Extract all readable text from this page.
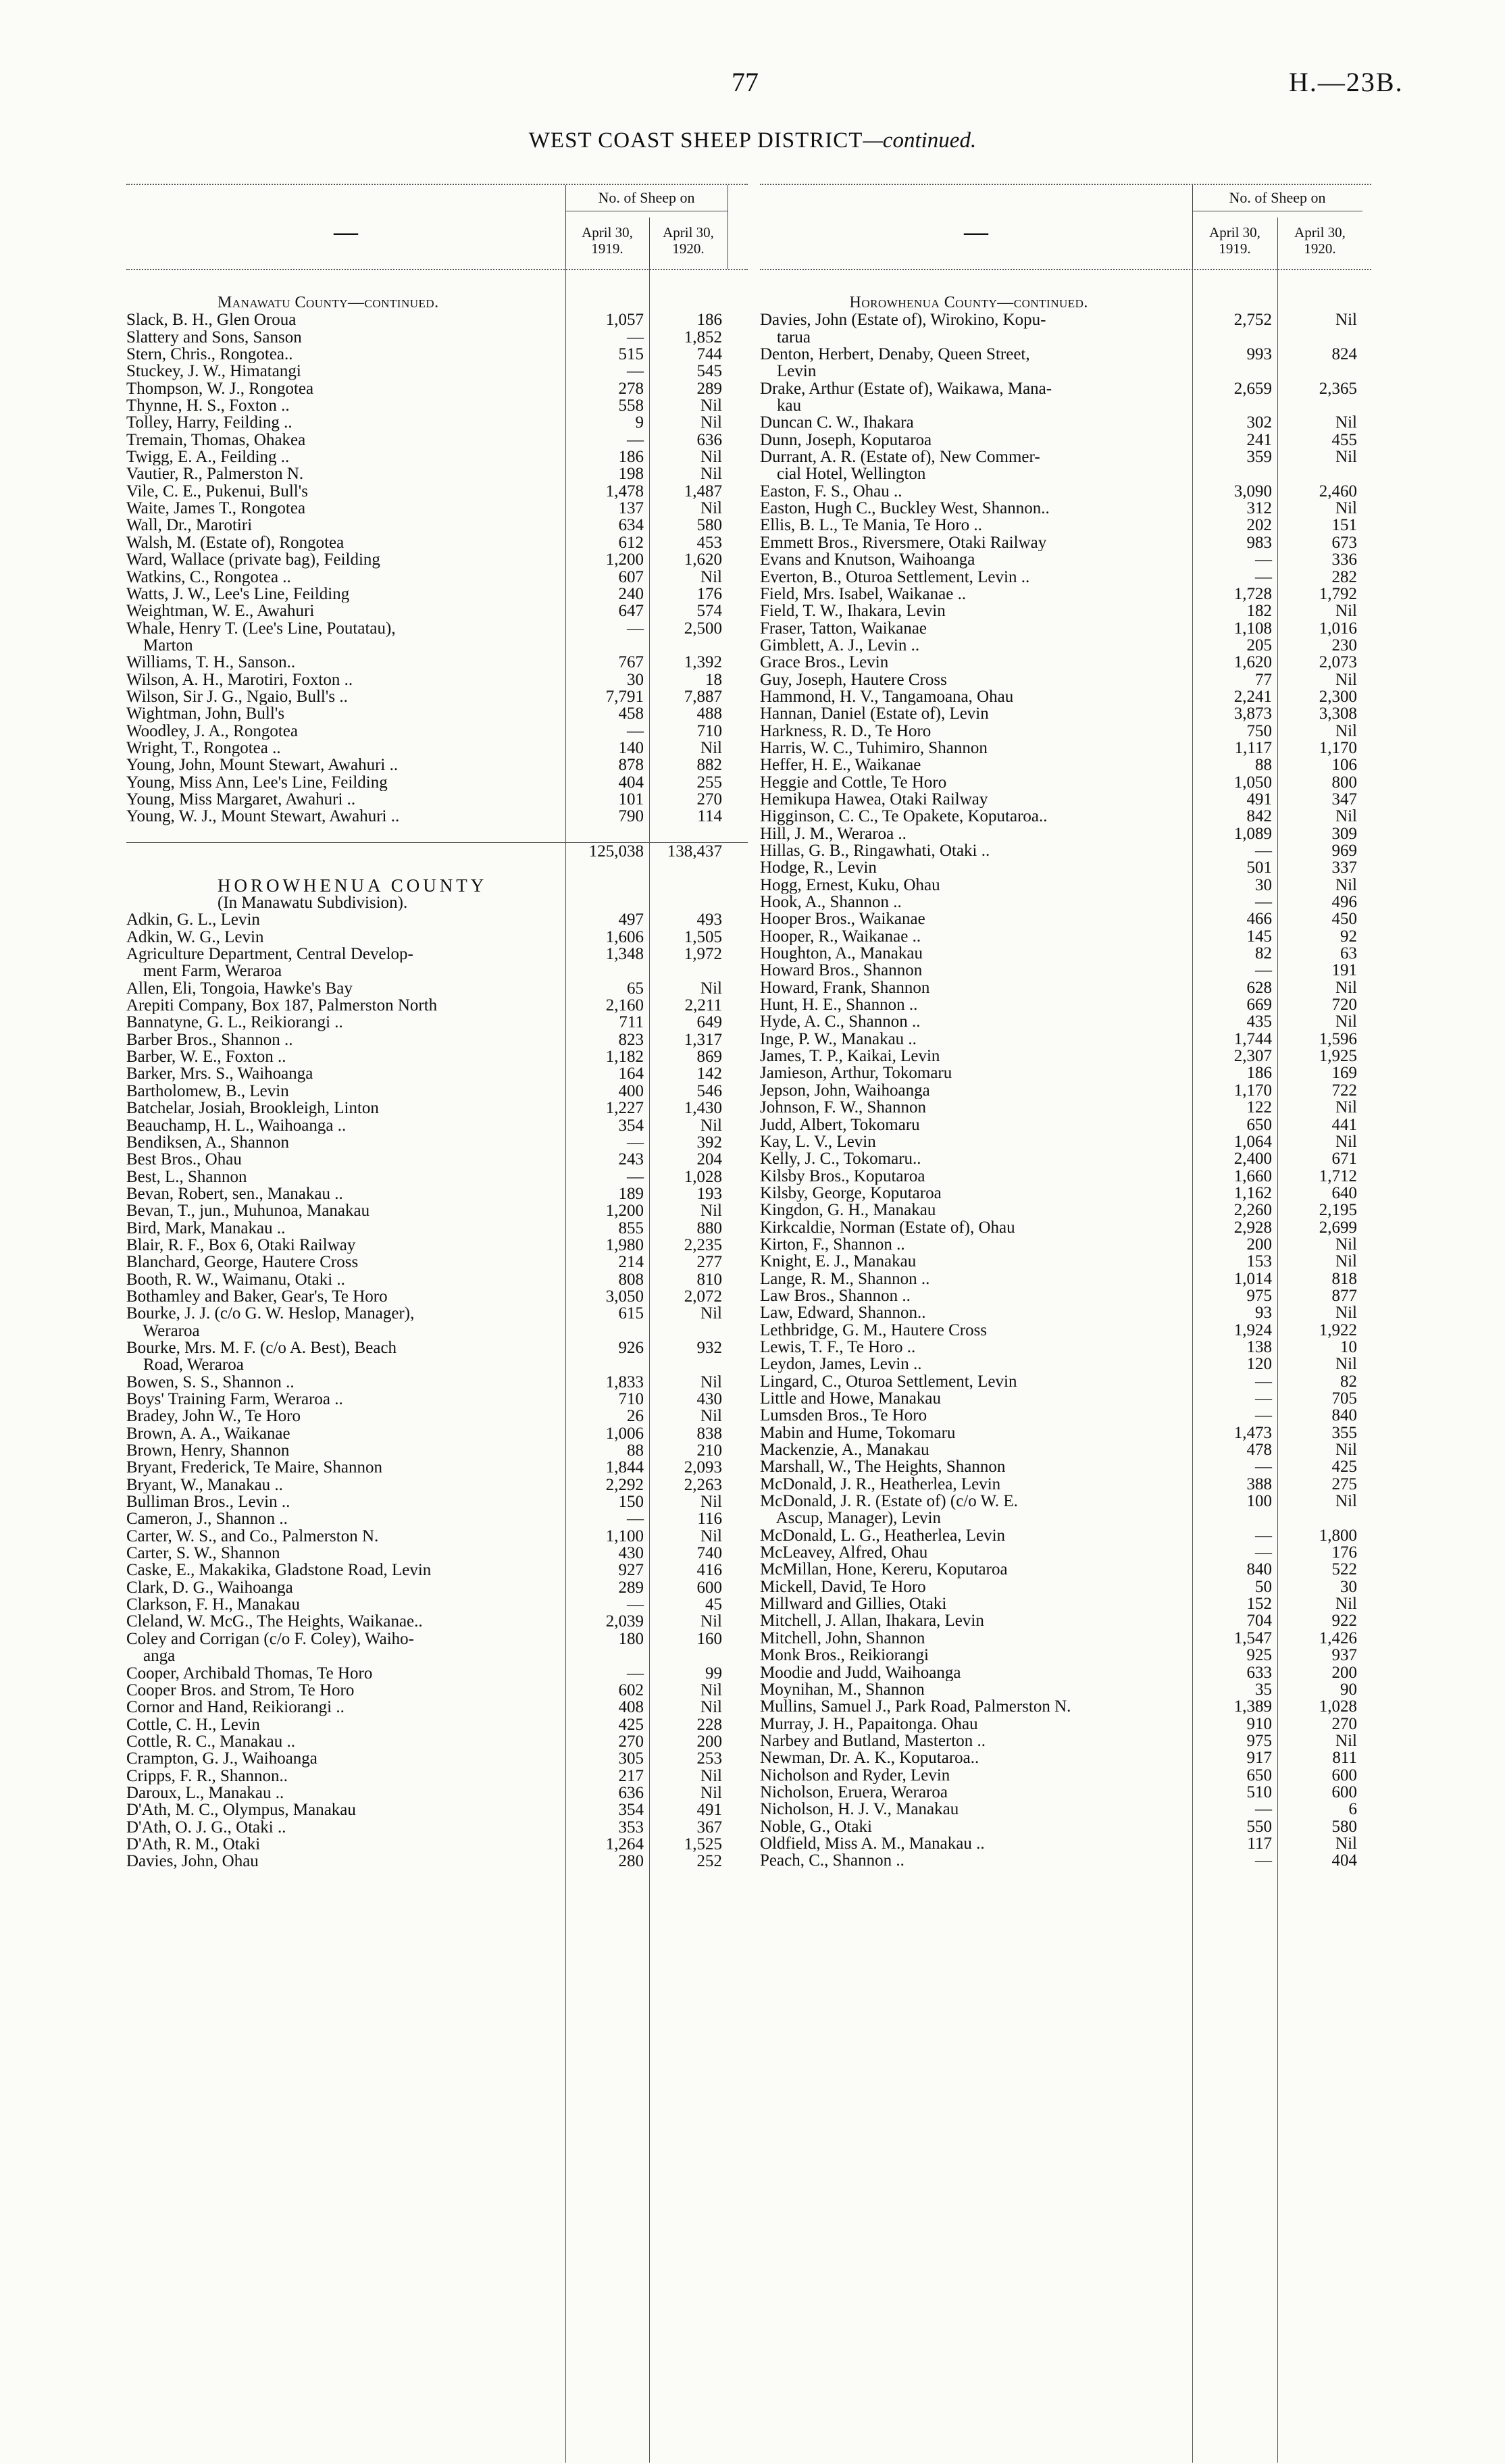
77	H.—23B.
WEST COAST SHEEP DISTRICT—continued.
—
No. of Sheep on
April 30,
1919.
April 30,
1920.
Manawatu County—continued.
Slack, B. H., Glen Oroua	1,057	186
Slattery and Sons, Sanson	—	1,852
Stern, Chris., Rongotea..	515	744
Stuckey, J. W., Himatangi	—	545
Thompson, W. J., Rongotea	278	289
Thynne, H. S., Foxton ..	558	Nil
Tolley, Harry, Feilding ..	9	Nil
Tremain, Thomas, Ohakea	—	636
Twigg, E. A., Feilding ..	186	Nil
Vautier, R., Palmerston N.	198	Nil
Vile, C. E., Pukenui, Bull's	1,478	1,487
Waite, James T., Rongotea	137	Nil
Wall, Dr., Marotiri	634	580
Walsh, M. (Estate of), Rongotea	612	453
Ward, Wallace (private bag), Feilding	1,200	1,620
Watkins, C., Rongotea ..	607	Nil
Watts, J. W., Lee's Line, Feilding	240	176
Weightman, W. E., Awahuri	647	574
Whale, Henry T. (Lee's Line, Poutatau),	—	2,500
Marton
Williams, T. H., Sanson..	767	1,392
Wilson, A. H., Marotiri, Foxton ..	30	18
Wilson, Sir J. G., Ngaio, Bull's ..	7,791	7,887
Wightman, John, Bull's	458	488
Woodley, J. A., Rongotea	—	710
Wright, T., Rongotea ..	140	Nil
Young, John, Mount Stewart, Awahuri ..	878	882
Young, Miss Ann, Lee's Line, Feilding	404	255
Young, Miss Margaret, Awahuri ..	101	270
Young, W. J., Mount Stewart, Awahuri ..	790	114
125,038	138,437
HOROWHENUA COUNTY
(In Manawatu Subdivision).
Adkin, G. L., Levin	497	493
Adkin, W. G., Levin	1,606	1,505
Agriculture Department, Central Develop-	1,348	1,972
ment Farm, Weraroa
Allen, Eli, Tongoia, Hawke's Bay	65	Nil
Arepiti Company, Box 187, Palmerston North	2,160	2,211
Bannatyne, G. L., Reikiorangi ..	711	649
Barber Bros., Shannon ..	823	1,317
Barber, W. E., Foxton ..	1,182	869
Barker, Mrs. S., Waihoanga	164	142
Bartholomew, B., Levin	400	546
Batchelar, Josiah, Brookleigh, Linton	1,227	1,430
Beauchamp, H. L., Waihoanga ..	354	Nil
Bendiksen, A., Shannon	—	392
Best Bros., Ohau	243	204
Best, L., Shannon	—	1,028
Bevan, Robert, sen., Manakau ..	189	193
Bevan, T., jun., Muhunoa, Manakau	1,200	Nil
Bird, Mark, Manakau ..	855	880
Blair, R. F., Box 6, Otaki Railway	1,980	2,235
Blanchard, George, Hautere Cross	214	277
Booth, R. W., Waimanu, Otaki ..	808	810
Bothamley and Baker, Gear's, Te Horo	3,050	2,072
Bourke, J. J. (c/o G. W. Heslop, Manager),	615	Nil
Weraroa
Bourke, Mrs. M. F. (c/o A. Best), Beach	926	932
Road, Weraroa
Bowen, S. S., Shannon ..	1,833	Nil
Boys' Training Farm, Weraroa ..	710	430
Bradey, John W., Te Horo	26	Nil
Brown, A. A., Waikanae	1,006	838
Brown, Henry, Shannon	88	210
Bryant, Frederick, Te Maire, Shannon	1,844	2,093
Bryant, W., Manakau ..	2,292	2,263
Bulliman Bros., Levin ..	150	Nil
Cameron, J., Shannon ..	—	116
Carter, W. S., and Co., Palmerston N.	1,100	Nil
Carter, S. W., Shannon	430	740
Caske, E., Makakika, Gladstone Road, Levin	927	416
Clark, D. G., Waihoanga	289	600
Clarkson, F. H., Manakau	—	45
Cleland, W. McG., The Heights, Waikanae..	2,039	Nil
Coley and Corrigan (c/o F. Coley), Waiho-	180	160
anga
Cooper, Archibald Thomas, Te Horo	—	99
Cooper Bros. and Strom, Te Horo	602	Nil
Cornor and Hand, Reikiorangi ..	408	Nil
Cottle, C. H., Levin	425	228
Cottle, R. C., Manakau ..	270	200
Crampton, G. J., Waihoanga	305	253
Cripps, F. R., Shannon..	217	Nil
Daroux, L., Manakau ..	636	Nil
D'Ath, M. C., Olympus, Manakau	354	491
D'Ath, O. J. G., Otaki ..	353	367
D'Ath, R. M., Otaki	1,264	1,525
Davies, John, Ohau	280	252
—
No. of Sheep on
April 30,
1919.
April 30,
1920.
Horowhenua County—continued.
Davies, John (Estate of), Wirokino, Kopu-	2,752	Nil
tarua
Denton, Herbert, Denaby, Queen Street,	993	824
Levin
Drake, Arthur (Estate of), Waikawa, Mana-	2,659	2,365
kau
Duncan C. W., Ihakara	302	Nil
Dunn, Joseph, Koputaroa	241	455
Durrant, A. R. (Estate of), New Commer-	359	Nil
cial Hotel, Wellington
Easton, F. S., Ohau ..	3,090	2,460
Easton, Hugh C., Buckley West, Shannon..	312	Nil
Ellis, B. L., Te Mania, Te Horo ..	202	151
Emmett Bros., Riversmere, Otaki Railway	983	673
Evans and Knutson, Waihoanga	—	336
Everton, B., Oturoa Settlement, Levin ..	—	282
Field, Mrs. Isabel, Waikanae ..	1,728	1,792
Field, T. W., Ihakara, Levin	182	Nil
Fraser, Tatton, Waikanae	1,108	1,016
Gimblett, A. J., Levin ..	205	230
Grace Bros., Levin	1,620	2,073
Guy, Joseph, Hautere Cross	77	Nil
Hammond, H. V., Tangamoana, Ohau	2,241	2,300
Hannan, Daniel (Estate of), Levin	3,873	3,308
Harkness, R. D., Te Horo	750	Nil
Harris, W. C., Tuhimiro, Shannon	1,117	1,170
Heffer, H. E., Waikanae	88	106
Heggie and Cottle, Te Horo	1,050	800
Hemikupa Hawea, Otaki Railway	491	347
Higginson, C. C., Te Opakete, Koputaroa..	842	Nil
Hill, J. M., Weraroa ..	1,089	309
Hillas, G. B., Ringawhati, Otaki ..	—	969
Hodge, R., Levin	501	337
Hogg, Ernest, Kuku, Ohau	30	Nil
Hook, A., Shannon ..	—	496
Hooper Bros., Waikanae	466	450
Hooper, R., Waikanae ..	145	92
Houghton, A., Manakau	82	63
Howard Bros., Shannon	—	191
Howard, Frank, Shannon	628	Nil
Hunt, H. E., Shannon ..	669	720
Hyde, A. C., Shannon ..	435	Nil
Inge, P. W., Manakau ..	1,744	1,596
James, T. P., Kaikai, Levin	2,307	1,925
Jamieson, Arthur, Tokomaru	186	169
Jepson, John, Waihoanga	1,170	722
Johnson, F. W., Shannon	122	Nil
Judd, Albert, Tokomaru	650	441
Kay, L. V., Levin	1,064	Nil
Kelly, J. C., Tokomaru..	2,400	671
Kilsby Bros., Koputaroa	1,660	1,712
Kilsby, George, Koputaroa	1,162	640
Kingdon, G. H., Manakau	2,260	2,195
Kirkcaldie, Norman (Estate of), Ohau	2,928	2,699
Kirton, F., Shannon ..	200	Nil
Knight, E. J., Manakau	153	Nil
Lange, R. M., Shannon ..	1,014	818
Law Bros., Shannon ..	975	877
Law, Edward, Shannon..	93	Nil
Lethbridge, G. M., Hautere Cross	1,924	1,922
Lewis, T. F., Te Horo ..	138	10
Leydon, James, Levin ..	120	Nil
Lingard, C., Oturoa Settlement, Levin	—	82
Little and Howe, Manakau	—	705
Lumsden Bros., Te Horo	—	840
Mabin and Hume, Tokomaru	1,473	355
Mackenzie, A., Manakau	478	Nil
Marshall, W., The Heights, Shannon	—	425
McDonald, J. R., Heatherlea, Levin	388	275
McDonald, J. R. (Estate of) (c/o W. E.	100	Nil
Ascup, Manager), Levin
McDonald, L. G., Heatherlea, Levin	—	1,800
McLeavey, Alfred, Ohau	—	176
McMillan, Hone, Kereru, Koputaroa	840	522
Mickell, David, Te Horo	50	30
Millward and Gillies, Otaki	152	Nil
Mitchell, J. Allan, Ihakara, Levin	704	922
Mitchell, John, Shannon	1,547	1,426
Monk Bros., Reikiorangi	925	937
Moodie and Judd, Waihoanga	633	200
Moynihan, M., Shannon	35	90
Mullins, Samuel J., Park Road, Palmerston N.	1,389	1,028
Murray, J. H., Papaitonga. Ohau	910	270
Narbey and Butland, Masterton ..	975	Nil
Newman, Dr. A. K., Koputaroa..	917	811
Nicholson and Ryder, Levin	650	600
Nicholson, Eruera, Weraroa	510	600
Nicholson, H. J. V., Manakau	—	6
Noble, G., Otaki	550	580
Oldfield, Miss A. M., Manakau ..	117	Nil
Peach, C., Shannon ..	—	404
